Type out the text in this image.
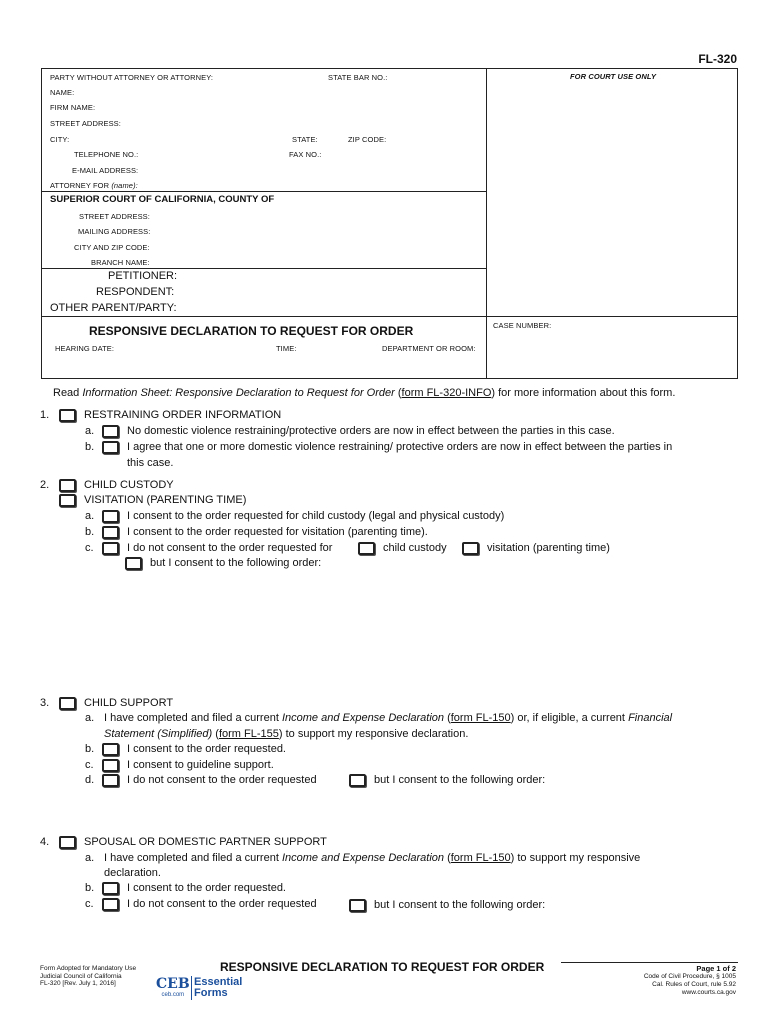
FL-320
FOR COURT USE ONLY
PARTY WITHOUT ATTORNEY OR ATTORNEY:	STATE BAR NO.:
NAME:
FIRM NAME:
STREET ADDRESS:
CITY:	STATE:	ZIP CODE:
TELEPHONE NO.:	FAX NO.:
E-MAIL ADDRESS:
ATTORNEY FOR (name):
SUPERIOR COURT OF CALIFORNIA, COUNTY OF
STREET ADDRESS:
MAILING ADDRESS:
CITY AND ZIP CODE:
BRANCH NAME:
PETITIONER:
RESPONDENT:
OTHER PARENT/PARTY:
RESPONSIVE DECLARATION TO REQUEST FOR ORDER	CASE NUMBER:
HEARING DATE:	TIME:	DEPARTMENT OR ROOM:
Read Information Sheet: Responsive Declaration to Request for Order (form FL-320-INFO) for more information about this form.
1.	RESTRAINING ORDER INFORMATION
a.	No domestic violence restraining/protective orders are now in effect between the parties in this case.
b.	I agree that one or more domestic violence restraining/ protective orders are now in effect between the parties in
this case.
2.	CHILD CUSTODY
VISITATION (PARENTING TIME)
a.	I consent to the order requested for child custody (legal and physical custody)
b.	I consent to the order requested for visitation (parenting time).
c.	I do not consent to the order requested for	child custody	visitation (parenting time)
but I consent to the following order:
3.	CHILD SUPPORT
a. I have completed and filed a current Income and Expense Declaration (form FL-150) or, if eligible, a current Financial
Statement (Simplified) (form FL-155) to support my responsive declaration.
b.	I consent to the order requested.
c.	I consent to guideline support.
d.	I do not consent to the order requested	but I consent to the following order:
4.	SPOUSAL OR DOMESTIC PARTNER SUPPORT
a. I have completed and filed a current Income and Expense Declaration (form FL-150) to support my responsive
declaration.
b.	I consent to the order requested.
c.	I do not consent to the order requested	but I consent to the following order:
Form Adopted for Mandatory Use
Judicial Council of California
FL-320 [Rev. July 1, 2016]	CEB
ceb.com
Essential
Forms
RESPONSIVE DECLARATION TO REQUEST FOR ORDER	Page 1 of 2
Code of Civil Procedure, § 1005
Cal. Rules of Court, rule 5.92
www.courts.ca.gov
